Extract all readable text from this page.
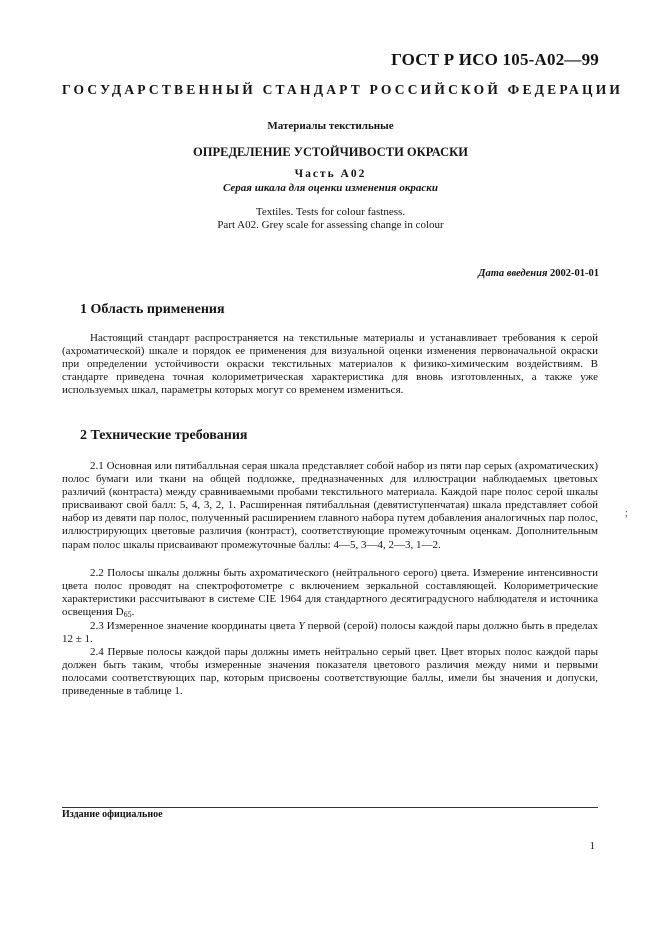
ГОСТ Р ИСО 105-А02—99
ГОСУДАРСТВЕННЫЙ СТАНДАРТ РОССИЙСКОЙ ФЕДЕРАЦИИ
Материалы текстильные
ОПРЕДЕЛЕНИЕ УСТОЙЧИВОСТИ ОКРАСКИ
Часть А02
Серая шкала для оценки изменения окраски
Textiles. Tests for colour fastness.
Part A02. Grey scale for assessing change in colour
Дата введения 2002-01-01
1 Область применения

Настоящий стандарт распространяется на текстильные материалы и устанавливает требования к серой (ахроматической) шкале и порядок ее применения для визуальной оценки изменения первоначальной окраски при определении устойчивости окраски текстильных материалов к физико-химическим воздействиям. В стандарте приведена точная колориметрическая характеристика для вновь изготовленных, а также уже используемых шкал, параметры которых могут со временем измениться.

2 Технические требования

2.1 Основная или пятибалльная серая шкала представляет собой набор из пяти пар серых (ахроматических) полос бумаги или ткани на общей подложке, предназначенных для иллюстрации наблюдаемых цветовых различий (контраста) между сравниваемыми пробами текстильного материала. Каждой паре полос серой шкалы присваивают свой балл: 5, 4, 3, 2, 1. Расширенная пятибалльная (девятиступенчатая) шкала представляет собой набор из девяти пар полос, полученный расширением главного набора путем добавления аналогичных пар полос, иллюстрирующих цветовые различия (контраст), соответствующие промежуточным оценкам. Дополнительным парам полос шкалы присваивают промежуточные баллы: 4—5, 3—4, 2—3, 1—2.

2.2 Полосы шкалы должны быть ахроматического (нейтрального серого) цвета. Измерение интенсивности цвета полос проводят на спектрофотометре с включением зеркальной составляющей. Колориметрические характеристики рассчитывают в системе CIE 1964 для стандартного десятиградусного наблюдателя и источника освещения $D_{65}$.

2.3 Измеренное значение координаты цвета Y первой (серой) полосы каждой пары должно быть в пределах 12 ± 1.

2.4 Первые полосы каждой пары должны иметь нейтрально серый цвет. Цвет вторых полос каждой пары должен быть таким, чтобы измеренные значения показателя цветового различия между ними и первыми полосами соответствующих пар, которым присвоены соответствующие баллы, имели бы значения и допуски, приведенные в таблице 1.

;
Издание официальное
1
